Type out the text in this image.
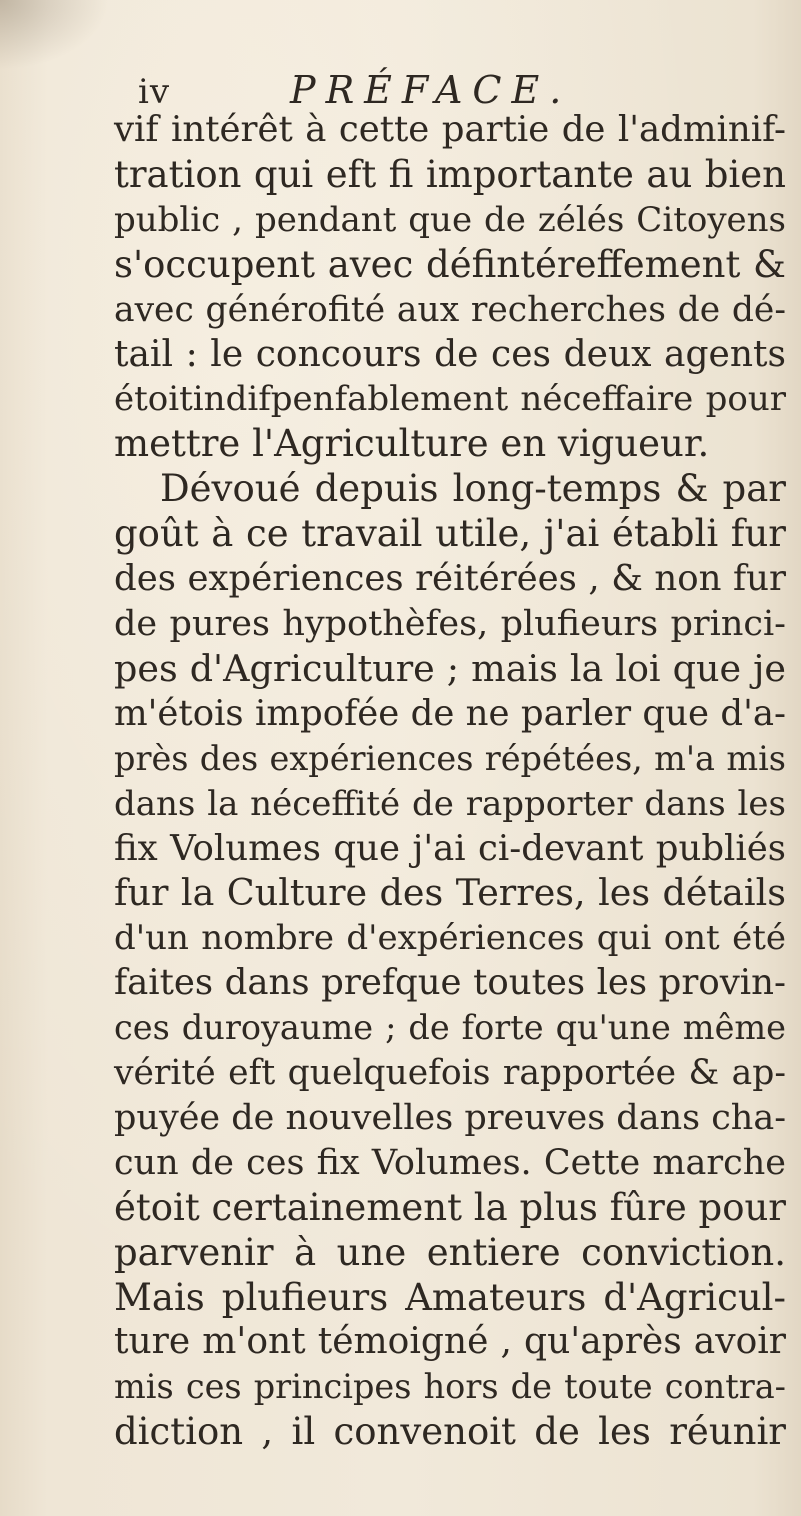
iv	PRÉFACE.
vif intérêt à cette partie de l'adminif-
tration qui eft fi importante au bien
public , pendant que de zélés Citoyens
s'occupent avec défintéreffement &
avec générofité aux recherches de dé-
tail : le concours de ces deux agents
étoitindifpenfablement néceffaire pour
mettre l'Agriculture en vigueur.
Dévoué depuis long-temps & par
goût à ce travail utile, j'ai établi fur
des expériences réitérées , & non fur
de pures hypothèfes, plufieurs princi-
pes d'Agriculture ; mais la loi que je
m'étois impofée de ne parler que d'a-
près des expériences répétées, m'a mis
dans la néceffité de rapporter dans les
fix Volumes que j'ai ci-devant publiés
fur la Culture des Terres, les détails
d'un nombre d'expériences qui ont été
faites dans prefque toutes les provin-
ces duroyaume ; de forte qu'une même
vérité eft quelquefois rapportée & ap-
puyée de nouvelles preuves dans cha-
cun de ces fix Volumes. Cette marche
étoit certainement la plus fûre pour
parvenir à une entiere conviction.
Mais plufieurs Amateurs d'Agricul-
ture m'ont témoigné , qu'après avoir
mis ces principes hors de toute contra-
diction , il convenoit de les réunir
